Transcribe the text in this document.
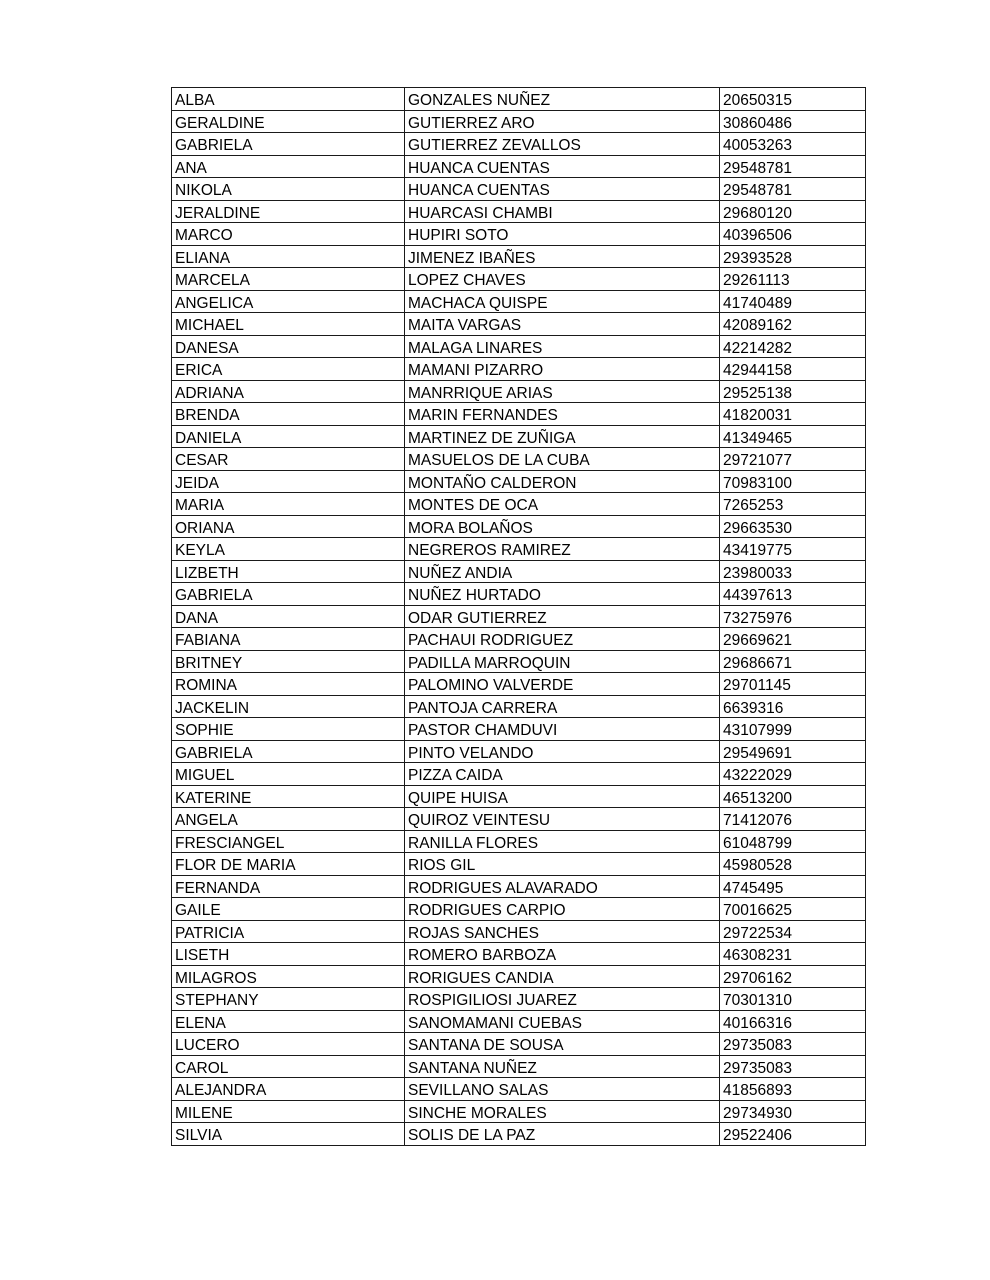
ALBA	GONZALES NUÑEZ	20650315
GERALDINE	GUTIERREZ ARO	30860486
GABRIELA	GUTIERREZ ZEVALLOS	40053263
ANA	HUANCA CUENTAS	29548781
NIKOLA	HUANCA CUENTAS	29548781
JERALDINE	HUARCASI CHAMBI	29680120
MARCO	HUPIRI SOTO	40396506
ELIANA	JIMENEZ IBAÑES	29393528
MARCELA	LOPEZ CHAVES	29261113
ANGELICA	MACHACA QUISPE	41740489
MICHAEL	MAITA VARGAS	42089162
DANESA	MALAGA LINARES	42214282
ERICA	MAMANI PIZARRO	42944158
ADRIANA	MANRRIQUE ARIAS	29525138
BRENDA	MARIN FERNANDES	41820031
DANIELA	MARTINEZ DE ZUÑIGA	41349465
CESAR	MASUELOS DE LA CUBA	29721077
JEIDA	MONTAÑO CALDERON	70983100
MARIA	MONTES DE OCA	7265253
ORIANA	MORA BOLAÑOS	29663530
KEYLA	NEGREROS RAMIREZ	43419775
LIZBETH	NUÑEZ ANDIA	23980033
GABRIELA	NUÑEZ HURTADO	44397613
DANA	ODAR GUTIERREZ	73275976
FABIANA	PACHAUI RODRIGUEZ	29669621
BRITNEY	PADILLA MARROQUIN	29686671
ROMINA	PALOMINO VALVERDE	29701145
JACKELIN	PANTOJA CARRERA	6639316
SOPHIE	PASTOR CHAMDUVI	43107999
GABRIELA	PINTO VELANDO	29549691
MIGUEL	PIZZA CAIDA	43222029
KATERINE	QUIPE HUISA	46513200
ANGELA	QUIROZ VEINTESU	71412076
FRESCIANGEL	RANILLA FLORES	61048799
FLOR DE MARIA	RIOS GIL	45980528
FERNANDA	RODRIGUES ALAVARADO	4745495
GAILE	RODRIGUES CARPIO	70016625
PATRICIA	ROJAS SANCHES	29722534
LISETH	ROMERO BARBOZA	46308231
MILAGROS	RORIGUES CANDIA	29706162
STEPHANY	ROSPIGILIOSI JUAREZ	70301310
ELENA	SANOMAMANI CUEBAS	40166316
LUCERO	SANTANA DE SOUSA	29735083
CAROL	SANTANA NUÑEZ	29735083
ALEJANDRA	SEVILLANO SALAS	41856893
MILENE	SINCHE MORALES	29734930
SILVIA	SOLIS DE LA PAZ	29522406
